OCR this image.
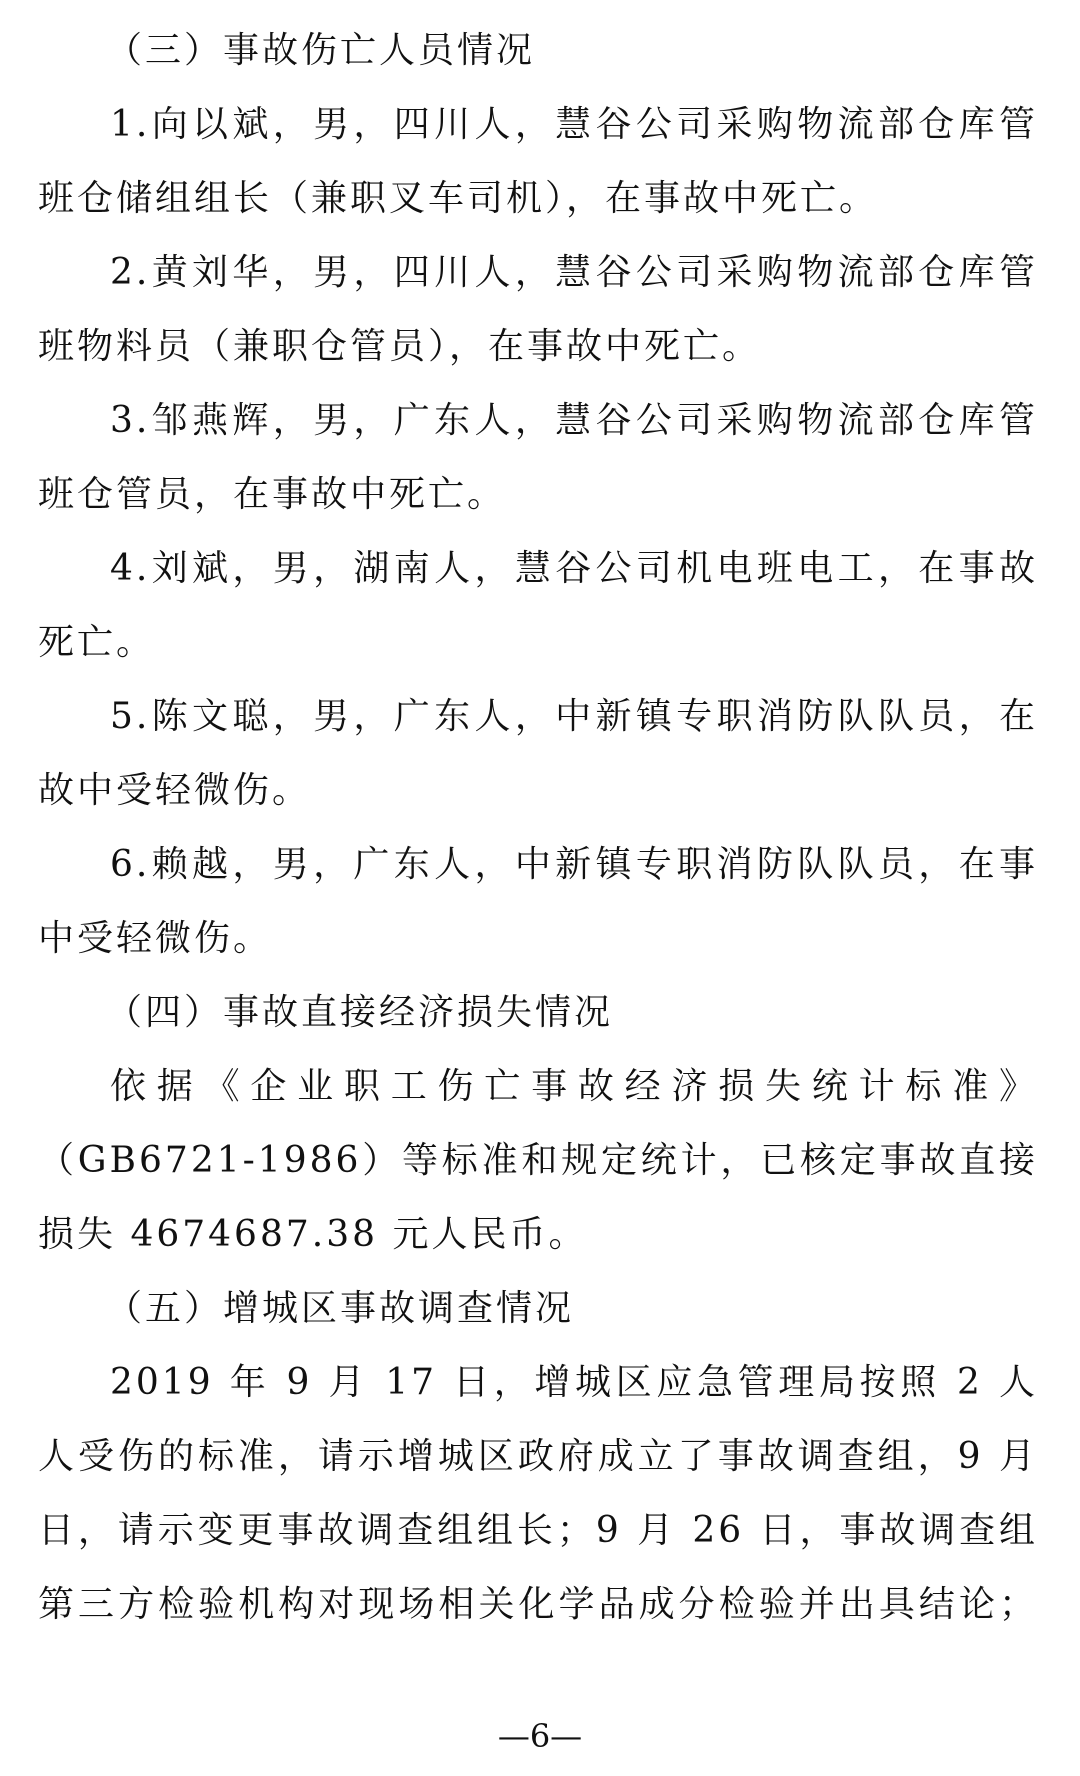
（三）事故伤亡人员情况
1.向以斌，男，四川人，慧谷公司采购物流部仓库管
班仓储组组长（兼职叉车司机），在事故中死亡。
2.黄刘华，男，四川人，慧谷公司采购物流部仓库管
班物料员（兼职仓管员），在事故中死亡。
3.邹燕辉，男，广东人，慧谷公司采购物流部仓库管
班仓管员，在事故中死亡。
4.刘斌，男，湖南人，慧谷公司机电班电工，在事故
死亡。
5.陈文聪，男，广东人，中新镇专职消防队队员，在
故中受轻微伤。
6.赖越，男，广东人，中新镇专职消防队队员，在事
中受轻微伤。
（四）事故直接经济损失情况
依据《企业职工伤亡事故经济损失统计标准》
（GB6721-1986）等标准和规定统计，已核定事故直接
损失 4674687.38 元人民币。
（五）增城区事故调查情况
2019 年 9 月 17 日，增城区应急管理局按照 2 人
人受伤的标准，请示增城区政府成立了事故调查组，9 月
日，请示变更事故调查组组长；9 月 26 日，事故调查组
第三方检验机构对现场相关化学品成分检验并出具结论；
—6—
